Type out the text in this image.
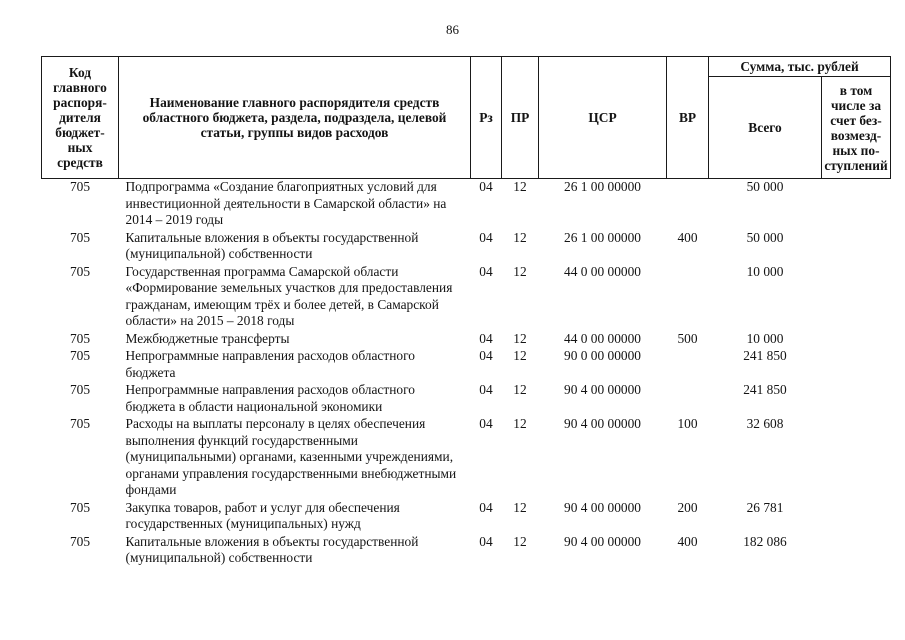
86
Код главного распоря-дителя бюджет-ных средств	Наименование главного распорядителя средств областного бюджета, раздела, подраздела, целевой статьи, группы видов расходов	Рз	ПР	ЦСР	ВР	Сумма, тыс. рублей	
						Всего	в том числе за счет без-возмезд-ных по-ступлений
705	Подпрограмма «Создание благоприятных условий для инвестиционной деятельности в Самарской области» на 2014 – 2019 годы	04	12	26 1 00 00000		50 000	
705	Капитальные вложения в объекты государственной (муниципальной) собственности	04	12	26 1 00 00000	400	50 000	
705	Государственная программа Самарской области «Формирование земельных участков для предоставления гражданам, имеющим трёх и более детей, в Самарской области» на 2015 – 2018 годы	04	12	44 0 00 00000		10 000	
705	Межбюджетные трансферты	04	12	44 0 00 00000	500	10 000	
705	Непрограммные направления расходов областного бюджета	04	12	90 0 00 00000		241 850	
705	Непрограммные направления расходов областного бюджета в области национальной экономики	04	12	90 4 00 00000		241 850	
705	Расходы на выплаты персоналу в целях обеспечения выполнения функций государственными (муниципальными) органами, казенными учреждениями, органами управления государственными внебюджетными фондами	04	12	90 4 00 00000	100	32 608	
705	Закупка товаров, работ и услуг для обеспечения государственных (муниципальных) нужд	04	12	90 4 00 00000	200	26 781	
705	Капитальные вложения в объекты государственной (муниципальной) собственности	04	12	90 4 00 00000	400	182 086	
